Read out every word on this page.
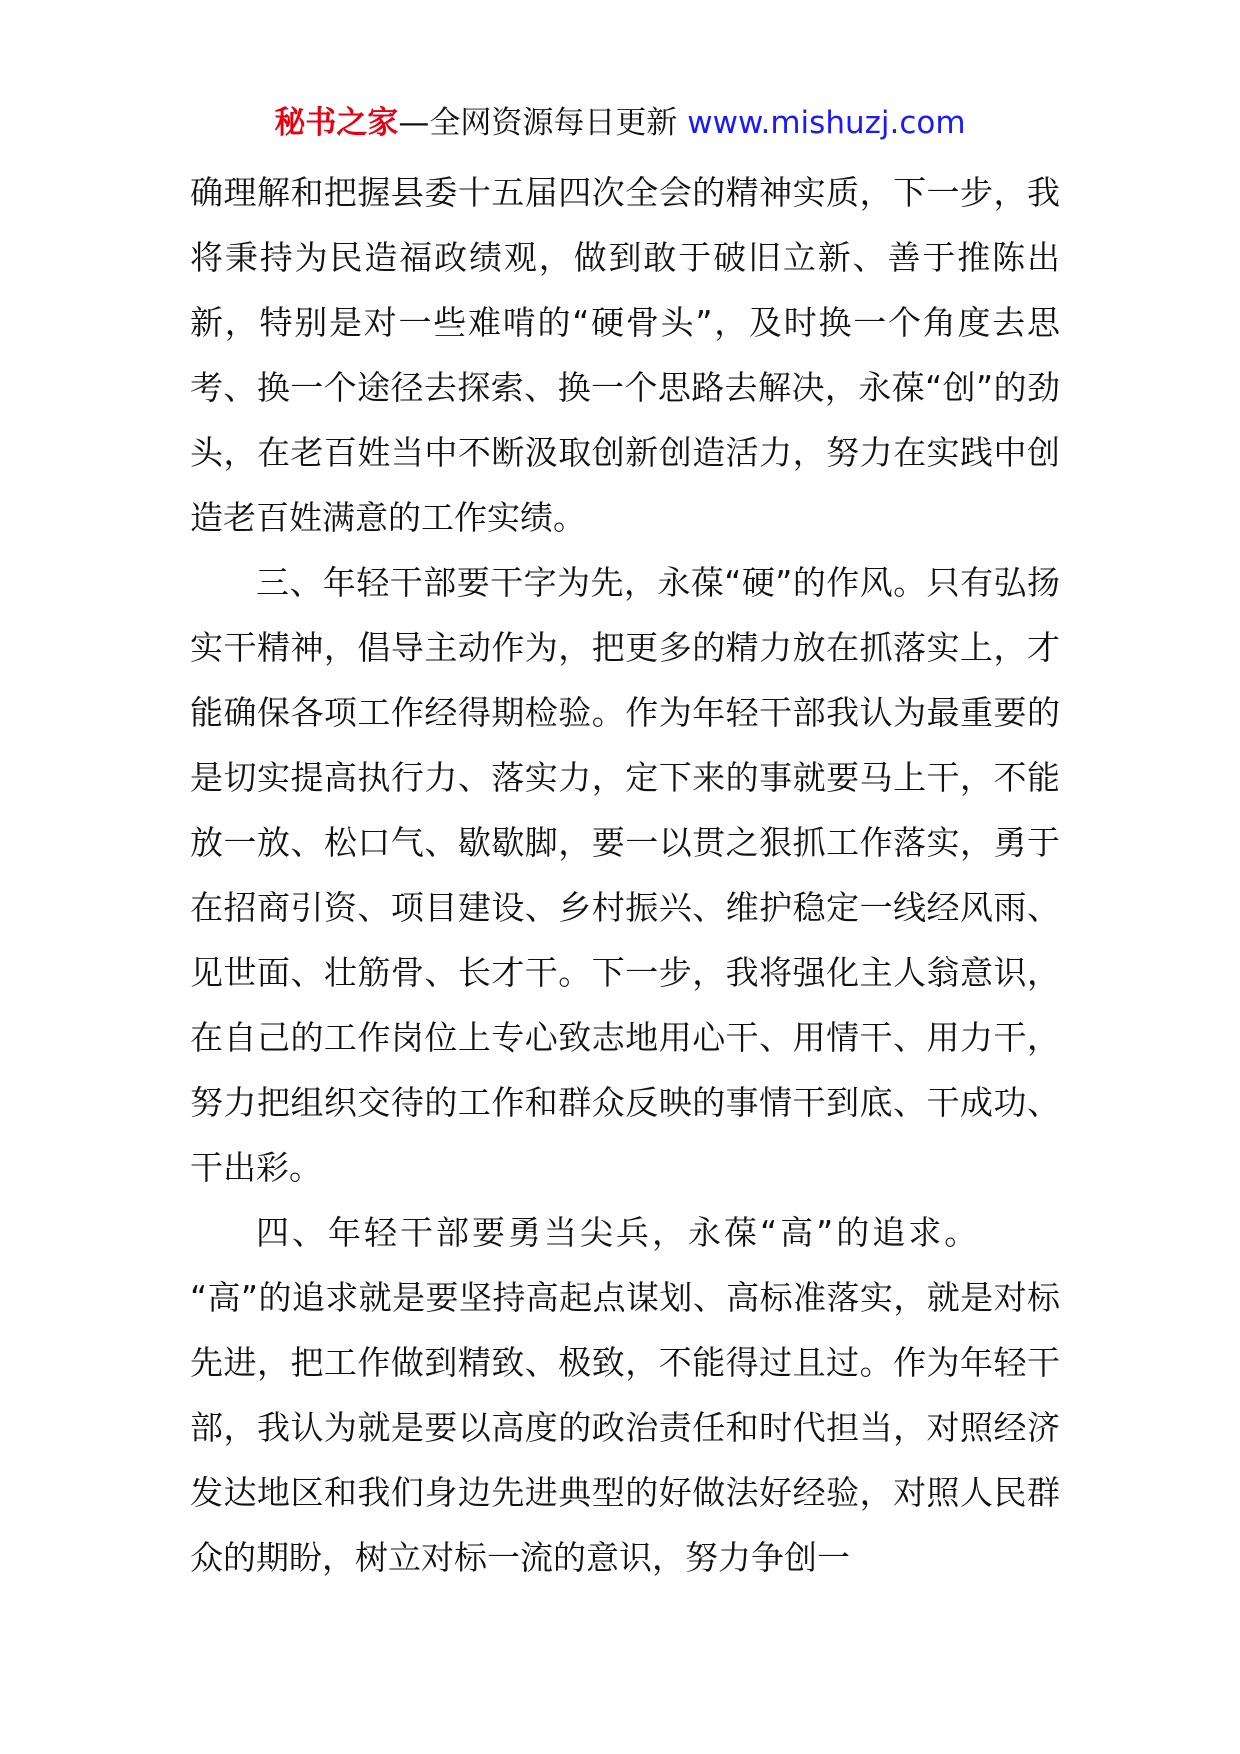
秘书之家—全网资源每日更新 www.mishuzj.com

确理解和把握县委十五届四次全会的精神实质，下一步，我将秉持为民造福政绩观，做到敢于破旧立新、善于推陈出新，特别是对一些难啃的“硬骨头”，及时换一个角度去思考、换一个途径去探索、换一个思路去解决，永葆“创”的劲头，在老百姓当中不断汲取创新创造活力，努力在实践中创造老百姓满意的工作实绩。

三、年轻干部要干字为先，永葆“硬”的作风。只有弘扬实干精神，倡导主动作为，把更多的精力放在抓落实上，才能确保各项工作经得期检验。作为年轻干部我认为最重要的是切实提高执行力、落实力，定下来的事就要马上干，不能放一放、松口气、歇歇脚，要一以贯之狠抓工作落实，勇于在招商引资、项目建设、乡村振兴、维护稳定一线经风雨、见世面、壮筋骨、长才干。下一步，我将强化主人翁意识，在自己的工作岗位上专心致志地用心干、用情干、用力干，努力把组织交待的工作和群众反映的事情干到底、干成功、干出彩。

四、年轻干部要勇当尖兵，永葆“高”的追求。

“高”的追求就是要坚持高起点谋划、高标准落实，就是对标先进，把工作做到精致、极致，不能得过且过。作为年轻干部，我认为就是要以高度的政治责任和时代担当，对照经济发达地区和我们身边先进典型的好做法好经验，对照人民群众的期盼，树立对标一流的意识，努力争创一
